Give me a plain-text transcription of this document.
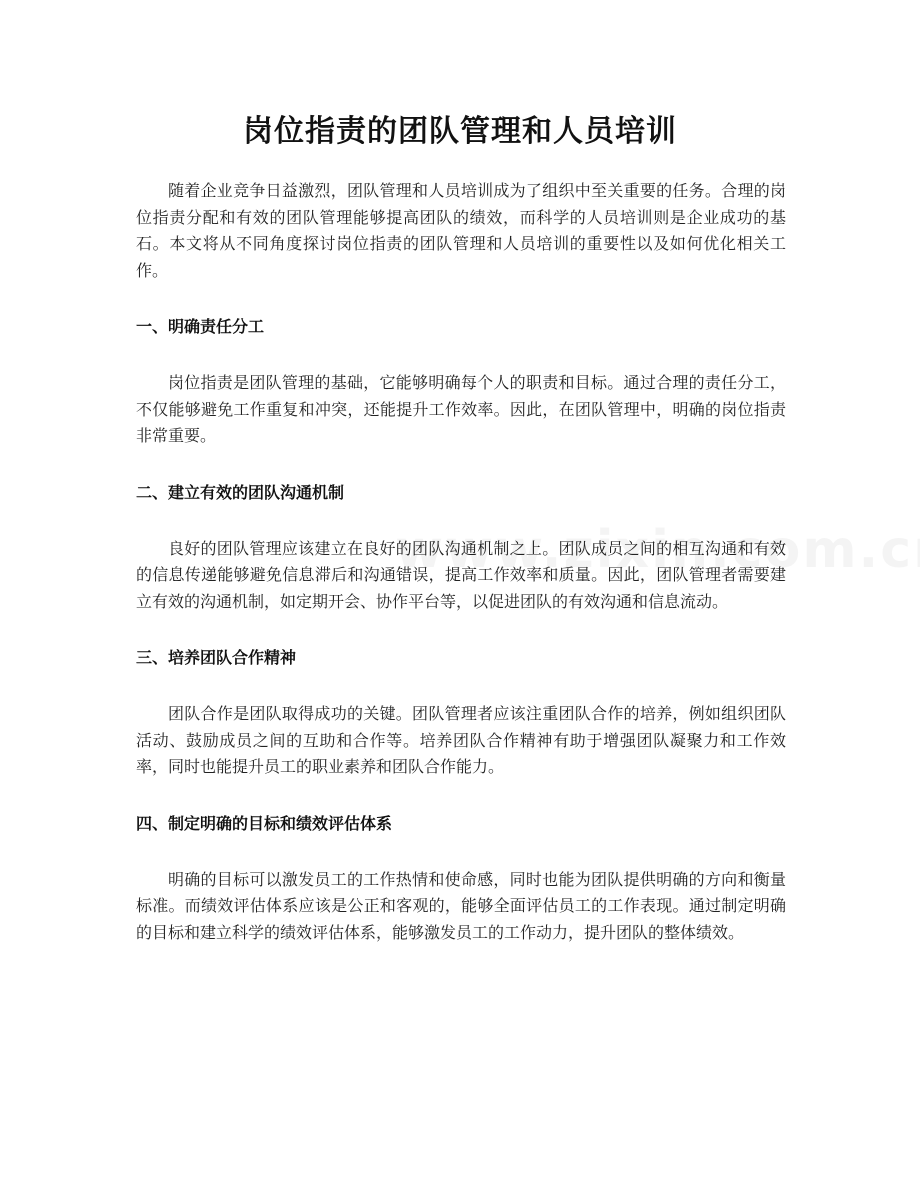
岗位指责的团队管理和人员培训

随着企业竞争日益激烈，团队管理和人员培训成为了组织中至关重要的任务。合理的岗位指责分配和有效的团队管理能够提高团队的绩效，而科学的人员培训则是企业成功的基石。本文将从不同角度探讨岗位指责的团队管理和人员培训的重要性以及如何优化相关工作。

一、明确责任分工

岗位指责是团队管理的基础，它能够明确每个人的职责和目标。通过合理的责任分工，不仅能够避免工作重复和冲突，还能提升工作效率。因此，在团队管理中，明确的岗位指责非常重要。

二、建立有效的团队沟通机制

良好的团队管理应该建立在良好的团队沟通机制之上。团队成员之间的相互沟通和有效的信息传递能够避免信息滞后和沟通错误，提高工作效率和质量。因此，团队管理者需要建立有效的沟通机制，如定期开会、协作平台等，以促进团队的有效沟通和信息流动。

三、培养团队合作精神

团队合作是团队取得成功的关键。团队管理者应该注重团队合作的培养，例如组织团队活动、鼓励成员之间的互助和合作等。培养团队合作精神有助于增强团队凝聚力和工作效率，同时也能提升员工的职业素养和团队合作能力。

四、制定明确的目标和绩效评估体系

明确的目标可以激发员工的工作热情和使命感，同时也能为团队提供明确的方向和衡量标准。而绩效评估体系应该是公正和客观的，能够全面评估员工的工作表现。通过制定明确的目标和建立科学的绩效评估体系，能够激发员工的工作动力，提升团队的整体绩效。
